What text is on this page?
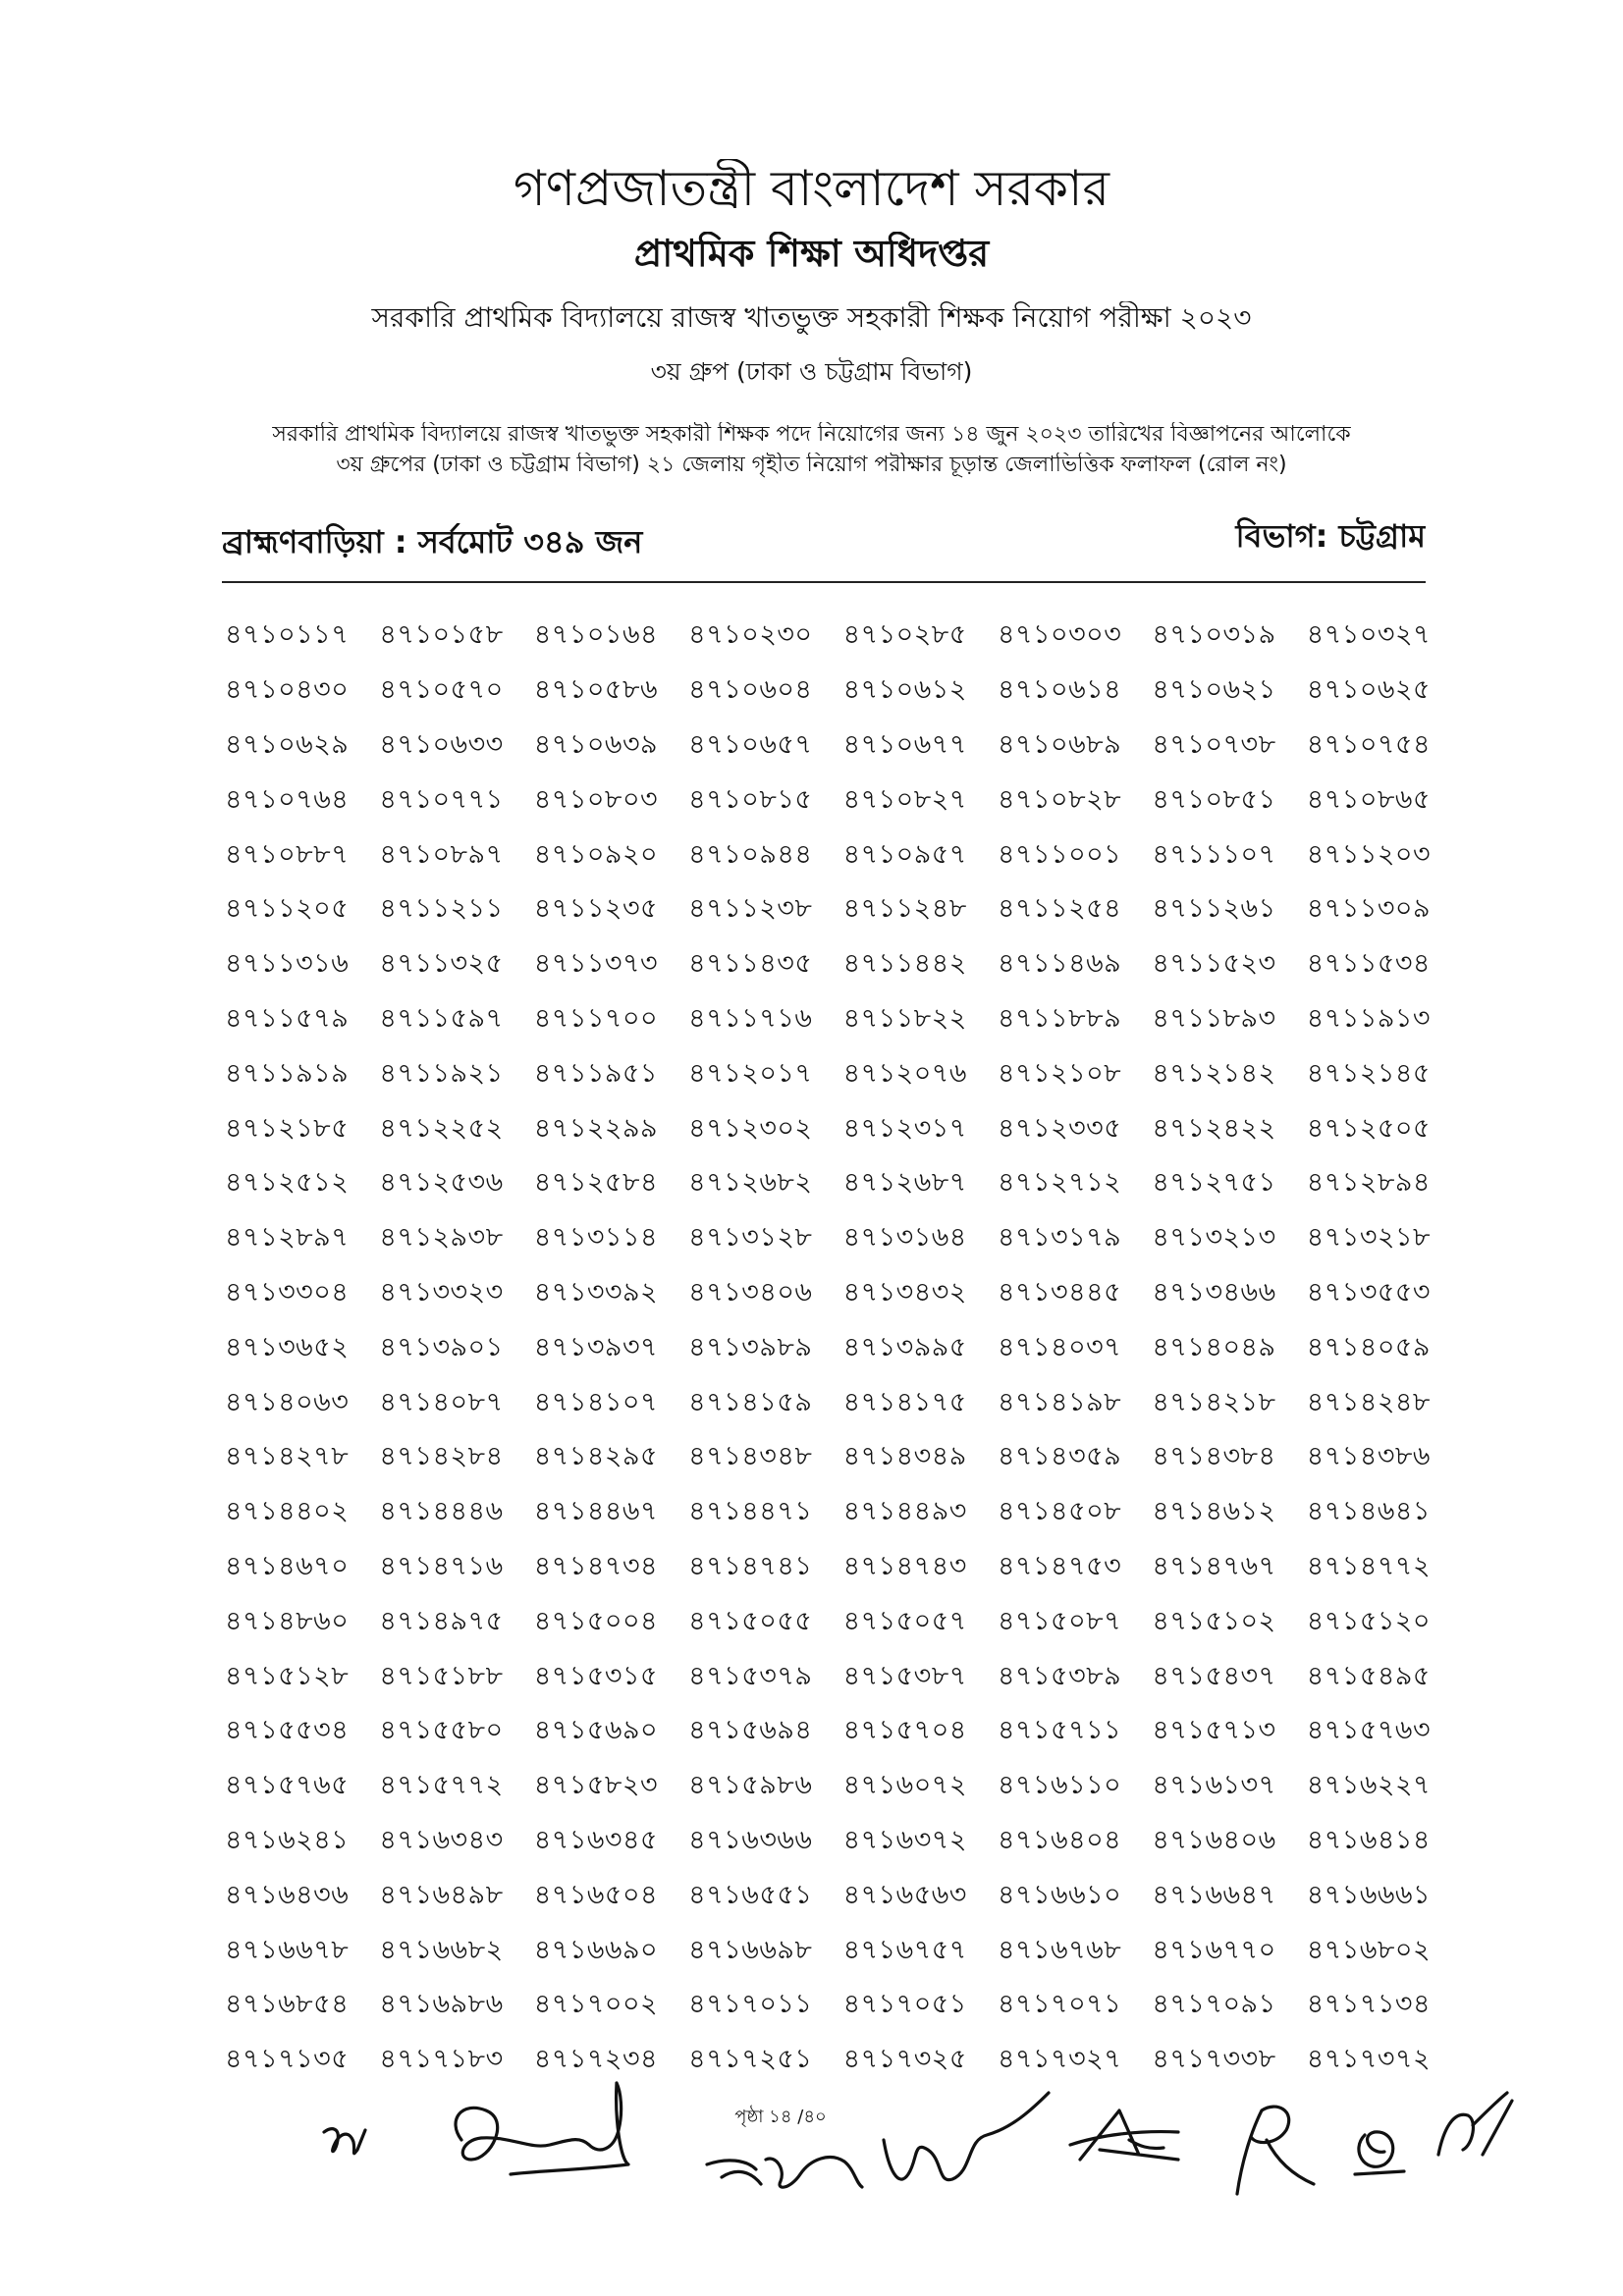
গণপ্রজাতন্ত্রী বাংলাদেশ সরকার
প্রাথমিক শিক্ষা অধিদপ্তর
সরকারি প্রাথমিক বিদ্যালয়ে রাজস্ব খাতভুক্ত সহকারী শিক্ষক নিয়োগ পরীক্ষা ২০২৩
৩য় গ্রুপ (ঢাকা ও চট্টগ্রাম বিভাগ)
সরকারি প্রাথমিক বিদ্যালয়ে রাজস্ব খাতভুক্ত সহকারী শিক্ষক পদে নিয়োগের জন্য ১৪ জুন ২০২৩ তারিখের বিজ্ঞাপনের আলোকে
৩য় গ্রুপের (ঢাকা ও চট্টগ্রাম বিভাগ) ২১ জেলায় গৃহীত নিয়োগ পরীক্ষার চূড়ান্ত জেলাভিত্তিক ফলাফল (রোল নং)
ব্রাহ্মণবাড়িয়া : সর্বমোট ৩৪৯ জন	বিভাগ: চট্টগ্রাম
৪৭১০১১৭	৪৭১০১৫৮	৪৭১০১৬৪	৪৭১০২৩০	৪৭১০২৮৫	৪৭১০৩০৩	৪৭১০৩১৯	৪৭১০৩২৭
৪৭১০৪৩০	৪৭১০৫৭০	৪৭১০৫৮৬	৪৭১০৬০৪	৪৭১০৬১২	৪৭১০৬১৪	৪৭১০৬২১	৪৭১০৬২৫
৪৭১০৬২৯	৪৭১০৬৩৩	৪৭১০৬৩৯	৪৭১০৬৫৭	৪৭১০৬৭৭	৪৭১০৬৮৯	৪৭১০৭৩৮	৪৭১০৭৫৪
৪৭১০৭৬৪	৪৭১০৭৭১	৪৭১০৮০৩	৪৭১০৮১৫	৪৭১০৮২৭	৪৭১০৮২৮	৪৭১০৮৫১	৪৭১০৮৬৫
৪৭১০৮৮৭	৪৭১০৮৯৭	৪৭১০৯২০	৪৭১০৯৪৪	৪৭১০৯৫৭	৪৭১১০০১	৪৭১১১০৭	৪৭১১২০৩
৪৭১১২০৫	৪৭১১২১১	৪৭১১২৩৫	৪৭১১২৩৮	৪৭১১২৪৮	৪৭১১২৫৪	৪৭১১২৬১	৪৭১১৩০৯
৪৭১১৩১৬	৪৭১১৩২৫	৪৭১১৩৭৩	৪৭১১৪৩৫	৪৭১১৪৪২	৪৭১১৪৬৯	৪৭১১৫২৩	৪৭১১৫৩৪
৪৭১১৫৭৯	৪৭১১৫৯৭	৪৭১১৭০০	৪৭১১৭১৬	৪৭১১৮২২	৪৭১১৮৮৯	৪৭১১৮৯৩	৪৭১১৯১৩
৪৭১১৯১৯	৪৭১১৯২১	৪৭১১৯৫১	৪৭১২০১৭	৪৭১২০৭৬	৪৭১২১০৮	৪৭১২১৪২	৪৭১২১৪৫
৪৭১২১৮৫	৪৭১২২৫২	৪৭১২২৯৯	৪৭১২৩০২	৪৭১২৩১৭	৪৭১২৩৩৫	৪৭১২৪২২	৪৭১২৫০৫
৪৭১২৫১২	৪৭১২৫৩৬	৪৭১২৫৮৪	৪৭১২৬৮২	৪৭১২৬৮৭	৪৭১২৭১২	৪৭১২৭৫১	৪৭১২৮৯৪
৪৭১২৮৯৭	৪৭১২৯৩৮	৪৭১৩১১৪	৪৭১৩১২৮	৪৭১৩১৬৪	৪৭১৩১৭৯	৪৭১৩২১৩	৪৭১৩২১৮
৪৭১৩৩০৪	৪৭১৩৩২৩	৪৭১৩৩৯২	৪৭১৩৪০৬	৪৭১৩৪৩২	৪৭১৩৪৪৫	৪৭১৩৪৬৬	৪৭১৩৫৫৩
৪৭১৩৬৫২	৪৭১৩৯০১	৪৭১৩৯৩৭	৪৭১৩৯৮৯	৪৭১৩৯৯৫	৪৭১৪০৩৭	৪৭১৪০৪৯	৪৭১৪০৫৯
৪৭১৪০৬৩	৪৭১৪০৮৭	৪৭১৪১০৭	৪৭১৪১৫৯	৪৭১৪১৭৫	৪৭১৪১৯৮	৪৭১৪২১৮	৪৭১৪২৪৮
৪৭১৪২৭৮	৪৭১৪২৮৪	৪৭১৪২৯৫	৪৭১৪৩৪৮	৪৭১৪৩৪৯	৪৭১৪৩৫৯	৪৭১৪৩৮৪	৪৭১৪৩৮৬
৪৭১৪৪০২	৪৭১৪৪৪৬	৪৭১৪৪৬৭	৪৭১৪৪৭১	৪৭১৪৪৯৩	৪৭১৪৫০৮	৪৭১৪৬১২	৪৭১৪৬৪১
৪৭১৪৬৭০	৪৭১৪৭১৬	৪৭১৪৭৩৪	৪৭১৪৭৪১	৪৭১৪৭৪৩	৪৭১৪৭৫৩	৪৭১৪৭৬৭	৪৭১৪৭৭২
৪৭১৪৮৬০	৪৭১৪৯৭৫	৪৭১৫০০৪	৪৭১৫০৫৫	৪৭১৫০৫৭	৪৭১৫০৮৭	৪৭১৫১০২	৪৭১৫১২০
৪৭১৫১২৮	৪৭১৫১৮৮	৪৭১৫৩১৫	৪৭১৫৩৭৯	৪৭১৫৩৮৭	৪৭১৫৩৮৯	৪৭১৫৪৩৭	৪৭১৫৪৯৫
৪৭১৫৫৩৪	৪৭১৫৫৮০	৪৭১৫৬৯০	৪৭১৫৬৯৪	৪৭১৫৭০৪	৪৭১৫৭১১	৪৭১৫৭১৩	৪৭১৫৭৬৩
৪৭১৫৭৬৫	৪৭১৫৭৭২	৪৭১৫৮২৩	৪৭১৫৯৮৬	৪৭১৬০৭২	৪৭১৬১১০	৪৭১৬১৩৭	৪৭১৬২২৭
৪৭১৬২৪১	৪৭১৬৩৪৩	৪৭১৬৩৪৫	৪৭১৬৩৬৬	৪৭১৬৩৭২	৪৭১৬৪০৪	৪৭১৬৪০৬	৪৭১৬৪১৪
৪৭১৬৪৩৬	৪৭১৬৪৯৮	৪৭১৬৫০৪	৪৭১৬৫৫১	৪৭১৬৫৬৩	৪৭১৬৬১০	৪৭১৬৬৪৭	৪৭১৬৬৬১
৪৭১৬৬৭৮	৪৭১৬৬৮২	৪৭১৬৬৯০	৪৭১৬৬৯৮	৪৭১৬৭৫৭	৪৭১৬৭৬৮	৪৭১৬৭৭০	৪৭১৬৮০২
৪৭১৬৮৫৪	৪৭১৬৯৮৬	৪৭১৭০০২	৪৭১৭০১১	৪৭১৭০৫১	৪৭১৭০৭১	৪৭১৭০৯১	৪৭১৭১৩৪
৪৭১৭১৩৫	৪৭১৭১৮৩	৪৭১৭২৩৪	৪৭১৭২৫১	৪৭১৭৩২৫	৪৭১৭৩২৭	৪৭১৭৩৩৮	৪৭১৭৩৭২
পৃষ্ঠা ১৪ /৪০
